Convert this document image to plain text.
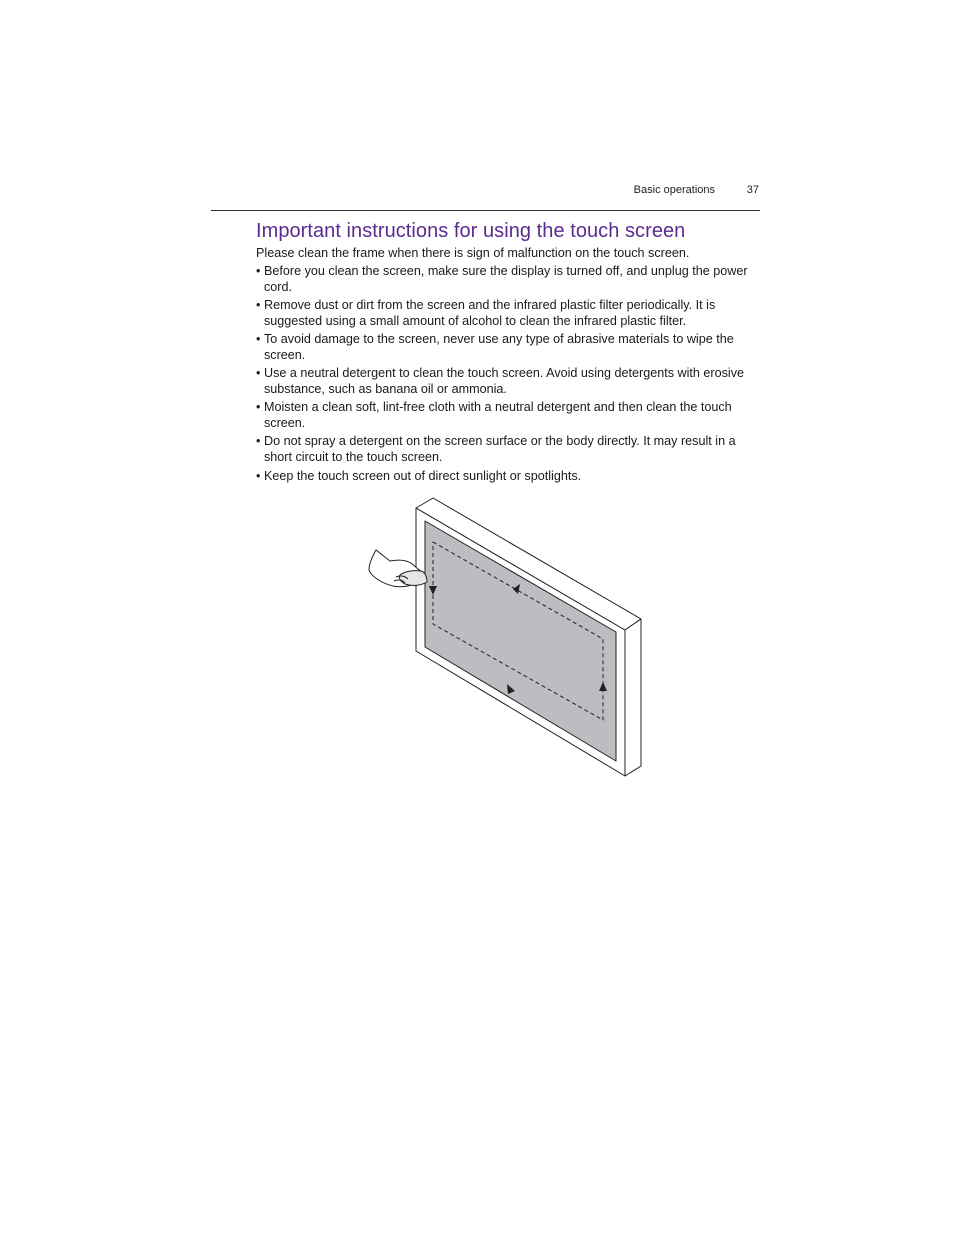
Basic operations	37
Important instructions for using the touch screen

Please clean the frame when there is sign of malfunction on the touch screen.

• Before you clean the screen, make sure the display is turned off, and unplug the power cord.
• Remove dust or dirt from the screen and the infrared plastic filter periodically. It is suggested using a small amount of alcohol to clean the infrared plastic filter.
• To avoid damage to the screen, never use any type of abrasive materials to wipe the screen.
• Use a neutral detergent to clean the touch screen. Avoid using detergents with erosive substance, such as banana oil or ammonia.
• Moisten a clean soft, lint-free cloth with a neutral detergent and then clean the touch screen.
• Do not spray a detergent on the screen surface or the body directly. It may result in a short circuit to the touch screen.
• Keep the touch screen out of direct sunlight or spotlights.
